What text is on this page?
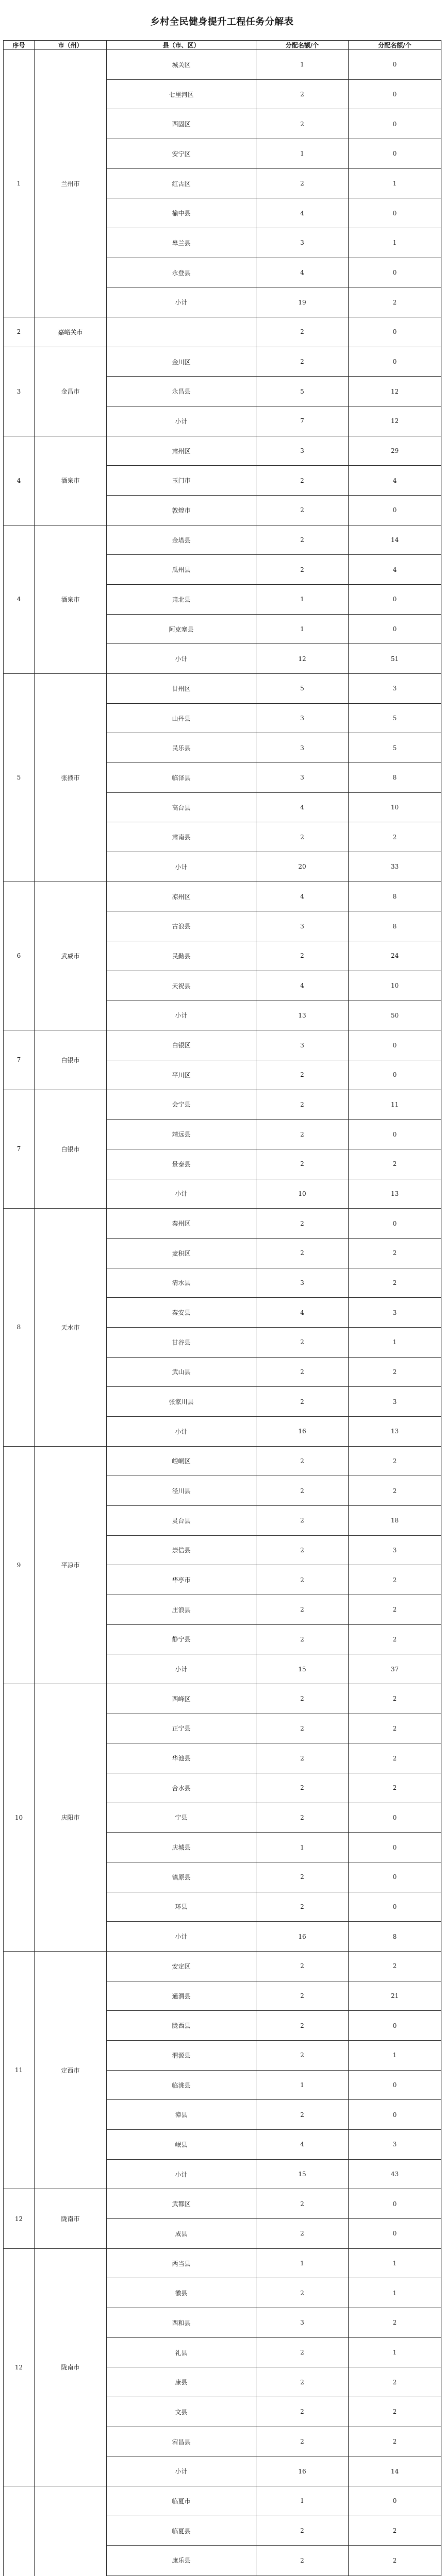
乡村全民健身提升工程任务分解表
序号	市（州）	县（市、区）	分配名额/个	分配名额/个
1	兰州市	城关区	1	0
		七里河区	2	0
		西固区	2	0
		安宁区	1	0
		红古区	2	1
		榆中县	4	0
		皋兰县	3	1
		永登县	4	0
		小计	19	2
2	嘉峪关市		2	0
3	金昌市	金川区	2	0
		永昌县	5	12
		小计	7	12
4	酒泉市	肃州区	3	29
		玉门市	2	4
		敦煌市	2	0
4	酒泉市	金塔县	2	14
		瓜州县	2	4
		肃北县	1	0
		阿克塞县	1	0
		小计	12	51
5	张掖市	甘州区	5	3
		山丹县	3	5
		民乐县	3	5
		临泽县	3	8
		高台县	4	10
		肃南县	2	2
		小计	20	33
6	武威市	凉州区	4	8
		古浪县	3	8
		民勤县	2	24
		天祝县	4	10
		小计	13	50
7	白银市	白银区	3	0
		平川区	2	0
7	白银市	会宁县	2	11
		靖远县	2	0
		景泰县	2	2
		小计	10	13
8	天水市	秦州区	2	0
		麦积区	2	2
		清水县	3	2
		秦安县	4	3
		甘谷县	2	1
		武山县	2	2
		张家川县	2	3
		小计	16	13
9	平凉市	崆峒区	2	2
		泾川县	2	2
		灵台县	2	18
		崇信县	2	3
		华亭市	2	2
		庄浪县	2	2
		静宁县	2	2
		小计	15	37
10	庆阳市	西峰区	2	2
		正宁县	2	2
		华池县	2	2
		合水县	2	2
		宁县	2	0
		庆城县	1	0
		镇原县	2	0
		环县	2	0
		小计	16	8
11	定西市	安定区	2	2
		通渭县	2	21
		陇西县	2	0
		渭源县	2	1
		临洮县	1	0
		漳县	2	0
		岷县	4	3
		小计	15	43
12	陇南市	武都区	2	0
		成县	2	0
12	陇南市	两当县	1	1
		徽县	2	1
		西和县	3	2
		礼县	2	1
		康县	2	2
		文县	2	2
		宕昌县	2	2
		小计	16	14
		临夏市	1	0
		临夏县	2	2
		康乐县	2	2
